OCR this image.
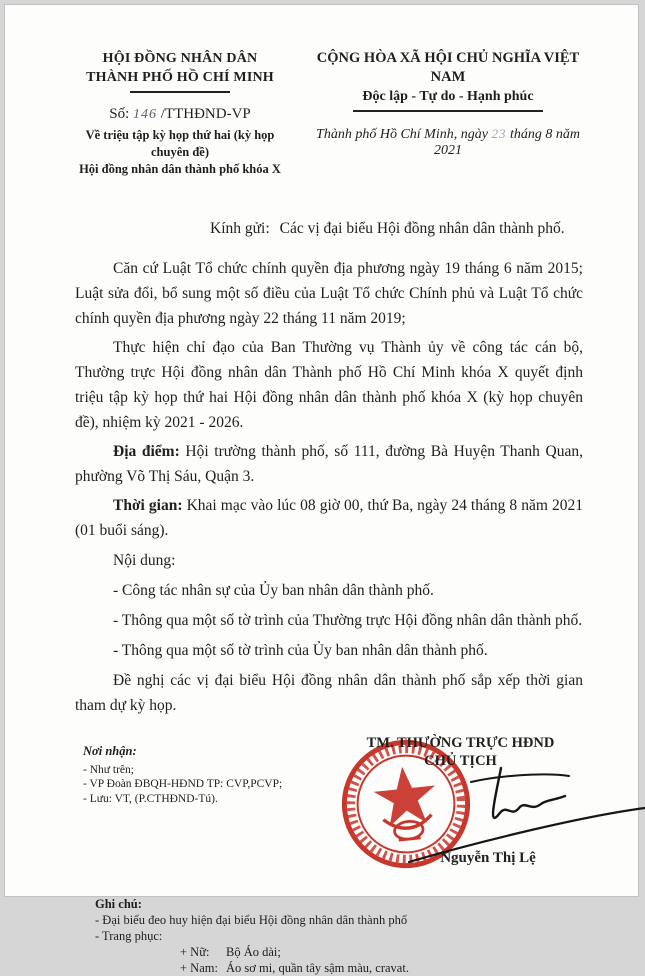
HỘI ĐỒNG NHÂN DÂN
THÀNH PHỐ HỒ CHÍ MINH
Số: 146 /TTHĐND-VP
Về triệu tập kỳ họp thứ hai (kỳ họp chuyên đề)
Hội đồng nhân dân thành phố khóa X
CỘNG HÒA XÃ HỘI CHỦ NGHĨA VIỆT NAM
Độc lập - Tự do - Hạnh phúc
Thành phố Hồ Chí Minh, ngày 23 tháng 8 năm 2021
Kính gửi: Các vị đại biểu Hội đồng nhân dân thành phố.

Căn cứ Luật Tổ chức chính quyền địa phương ngày 19 tháng 6 năm 2015; Luật sửa đổi, bổ sung một số điều của Luật Tổ chức Chính phủ và Luật Tổ chức chính quyền địa phương ngày 22 tháng 11 năm 2019;

Thực hiện chỉ đạo của Ban Thường vụ Thành ủy về công tác cán bộ, Thường trực Hội đồng nhân dân Thành phố Hồ Chí Minh khóa X quyết định triệu tập kỳ họp thứ hai Hội đồng nhân dân thành phố khóa X (kỳ họp chuyên đề), nhiệm kỳ 2021 - 2026.

Địa điểm: Hội trường thành phố, số 111, đường Bà Huyện Thanh Quan, phường Võ Thị Sáu, Quận 3.

Thời gian: Khai mạc vào lúc 08 giờ 00, thứ Ba, ngày 24 tháng 8 năm 2021 (01 buổi sáng).

Nội dung:
- Công tác nhân sự của Ủy ban nhân dân thành phố.
- Thông qua một số tờ trình của Thường trực Hội đồng nhân dân thành phố.
- Thông qua một số tờ trình của Ủy ban nhân dân thành phố.

Đề nghị các vị đại biểu Hội đồng nhân dân thành phố sắp xếp thời gian tham dự kỳ họp.

Nơi nhận:
- Như trên;
- VP Đoàn ĐBQH-HĐND TP: CVP,PCVP;
- Lưu: VT, (P.CTHĐND-Tú).
TM. THƯỜNG TRỰC HĐND
CHỦ TỊCH
Nguyễn Thị Lệ
Ghi chú:
- Đại biểu đeo huy hiện đại biểu Hội đồng nhân dân thành phố
- Trang phục:
+ Nữ: Bộ Áo dài;
+ Nam: Áo sơ mi, quần tây sậm màu, cravat.
